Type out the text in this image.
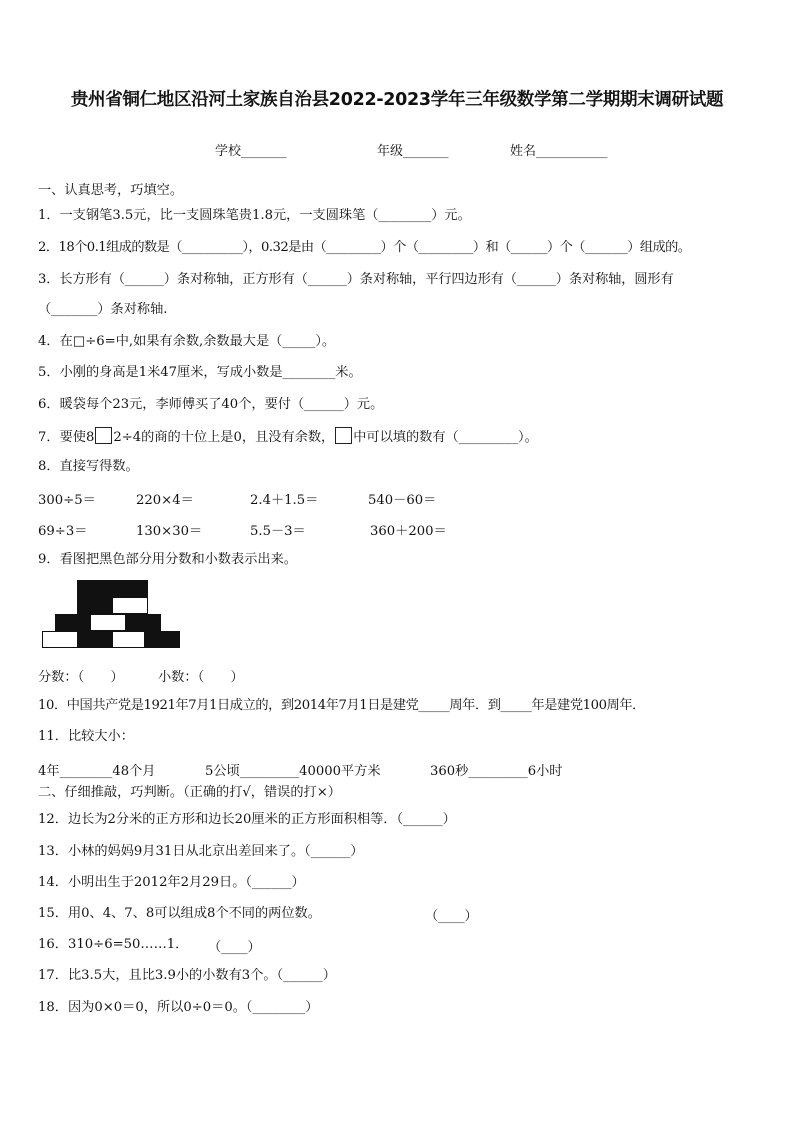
贵州省铜仁地区沿河土家族自治县2022-2023学年三年级数学第二学期期末调研试题
学校_______	年级_______	姓名___________
一、认真思考，巧填空。
1．一支钢笔3.5元，比一支圆珠笔贵1.8元，一支圆珠笔（________）元。
2．18个0.1组成的数是（__________），0.32是由（_________）个（_________）和（______）个（_______）组成的。
3．长方形有（______）条对称轴，正方形有（______）条对称轴，平行四边形有（______）条对称轴，圆形有
（_______）条对称轴.
4．在□÷6=中,如果有余数,余数最大是（_____）。
5．小刚的身高是1米47厘米，写成小数是________米。
6．暖袋每个23元，李师傅买了40个，要付（______）元。
7．要使8 2÷4的商的十位上是0，且没有余数， 中可以填的数有（_________）。
8．直接写得数。
300÷5＝	220×4＝	2.4＋1.5＝	540－60＝
69÷3＝	130×30＝	5.5－3＝	360＋200＝
9．看图把黑色部分用分数和小数表示出来。
分数：（　　）	小数：（　　）
10．中国共产党是1921年7月1日成立的，到2014年7月1日是建党_____周年．到_____年是建党100周年．
11．比较大小：
4年________48个月	5公顷_________40000平方米	360秒_________6小时
二、仔细推敲，巧判断。（正确的打√，错误的打×）
12．边长为2分米的正方形和边长20厘米的正方形面积相等．（______）
13．小林的妈妈9月31日从北京出差回来了。（______）
14．小明出生于2012年2月29日。（______）
15．用0、4、7、8可以组成8个不同的两位数。	（____）
16．310÷6=50……1． （____）
17．比3.5大，且比3.9小的小数有3个。（______）
18．因为0×0＝0，所以0÷0＝0。（________）
